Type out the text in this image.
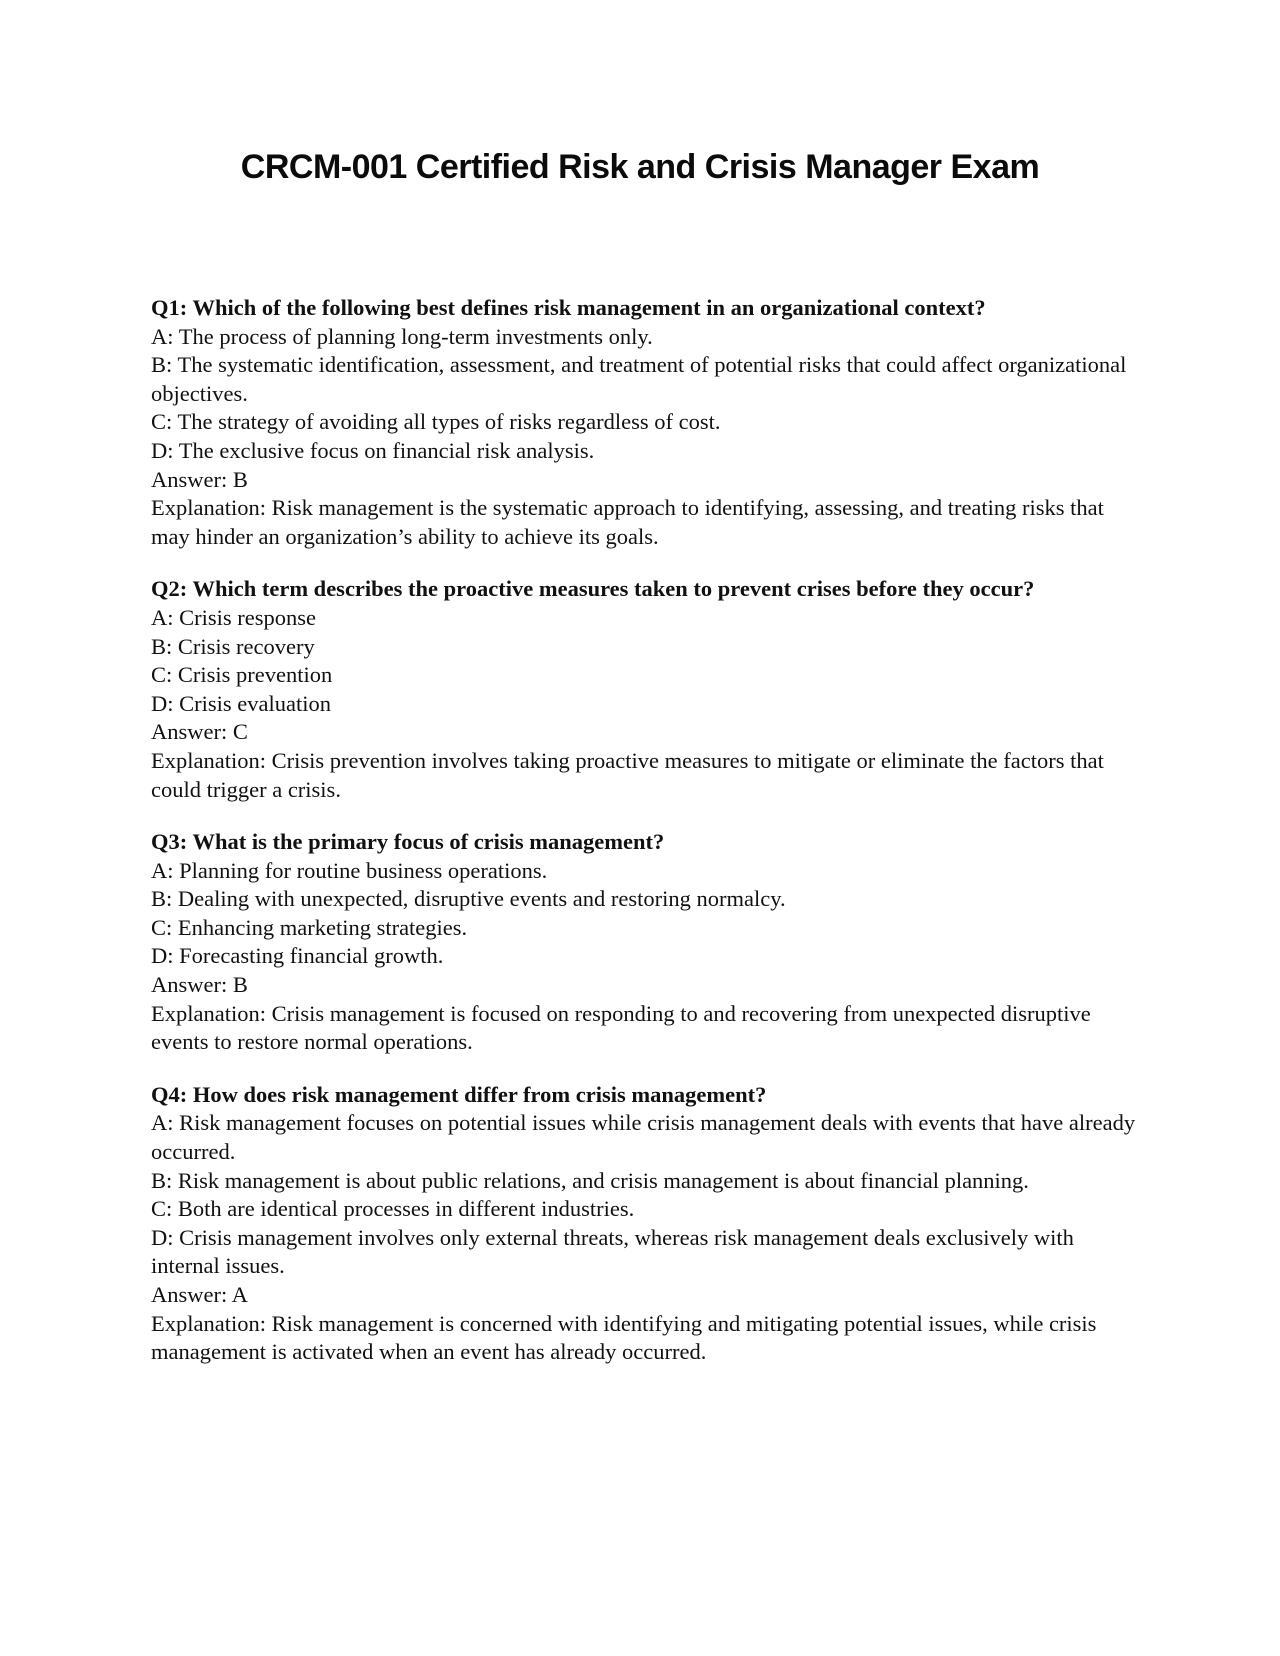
CRCM-001 Certified Risk and Crisis Manager Exam

Q1: Which of the following best defines risk management in an organizational context?

A: The process of planning long-term investments only.

B: The systematic identification, assessment, and treatment of potential risks that could affect organizational objectives.

C: The strategy of avoiding all types of risks regardless of cost.

D: The exclusive focus on financial risk analysis.

Answer: B

Explanation: Risk management is the systematic approach to identifying, assessing, and treating risks that may hinder an organization’s ability to achieve its goals.

Q2: Which term describes the proactive measures taken to prevent crises before they occur?

A: Crisis response

B: Crisis recovery

C: Crisis prevention

D: Crisis evaluation

Answer: C

Explanation: Crisis prevention involves taking proactive measures to mitigate or eliminate the factors that could trigger a crisis.

Q3: What is the primary focus of crisis management?

A: Planning for routine business operations.

B: Dealing with unexpected, disruptive events and restoring normalcy.

C: Enhancing marketing strategies.

D: Forecasting financial growth.

Answer: B

Explanation: Crisis management is focused on responding to and recovering from unexpected disruptive events to restore normal operations.

Q4: How does risk management differ from crisis management?

A: Risk management focuses on potential issues while crisis management deals with events that have already occurred.

B: Risk management is about public relations, and crisis management is about financial planning.

C: Both are identical processes in different industries.

D: Crisis management involves only external threats, whereas risk management deals exclusively with internal issues.

Answer: A

Explanation: Risk management is concerned with identifying and mitigating potential issues, while crisis management is activated when an event has already occurred.
